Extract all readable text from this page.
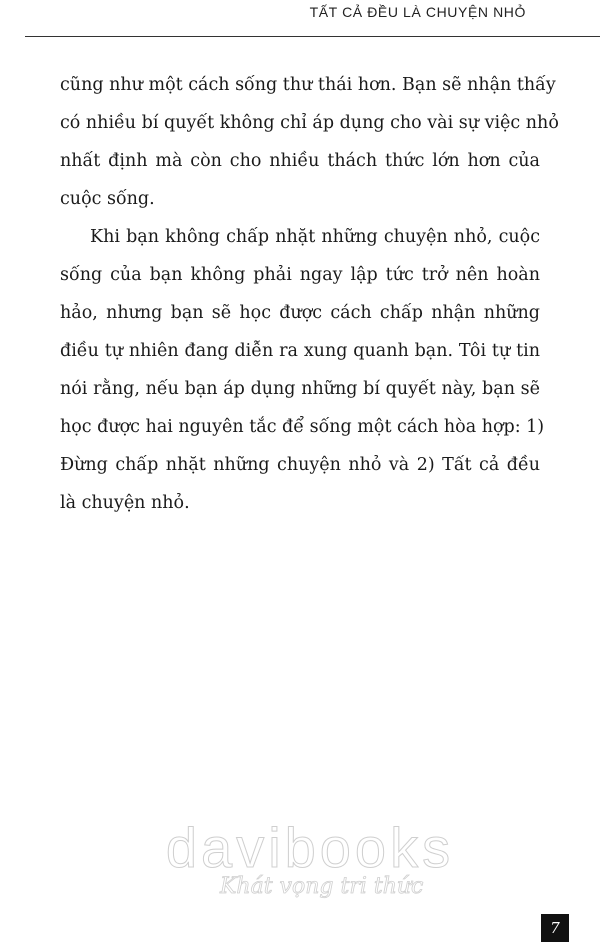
TẤT CẢ ĐỀU LÀ CHUYỆN NHỎ

cũng như một cách sống thư thái hơn. Bạn sẽ nhận thấy
có nhiều bí quyết không chỉ áp dụng cho vài sự việc nhỏ
nhất định mà còn cho nhiều thách thức lớn hơn của
cuộc sống.

Khi bạn không chấp nhặt những chuyện nhỏ, cuộc
sống của bạn không phải ngay lập tức trở nên hoàn
hảo, nhưng bạn sẽ học được cách chấp nhận những
điều tự nhiên đang diễn ra xung quanh bạn. Tôi tự tin
nói rằng, nếu bạn áp dụng những bí quyết này, bạn sẽ
học được hai nguyên tắc để sống một cách hòa hợp: 1)
Đừng chấp nhặt những chuyện nhỏ và 2) Tất cả đều
là chuyện nhỏ.

davibooks
Khát vọng tri thức
7
